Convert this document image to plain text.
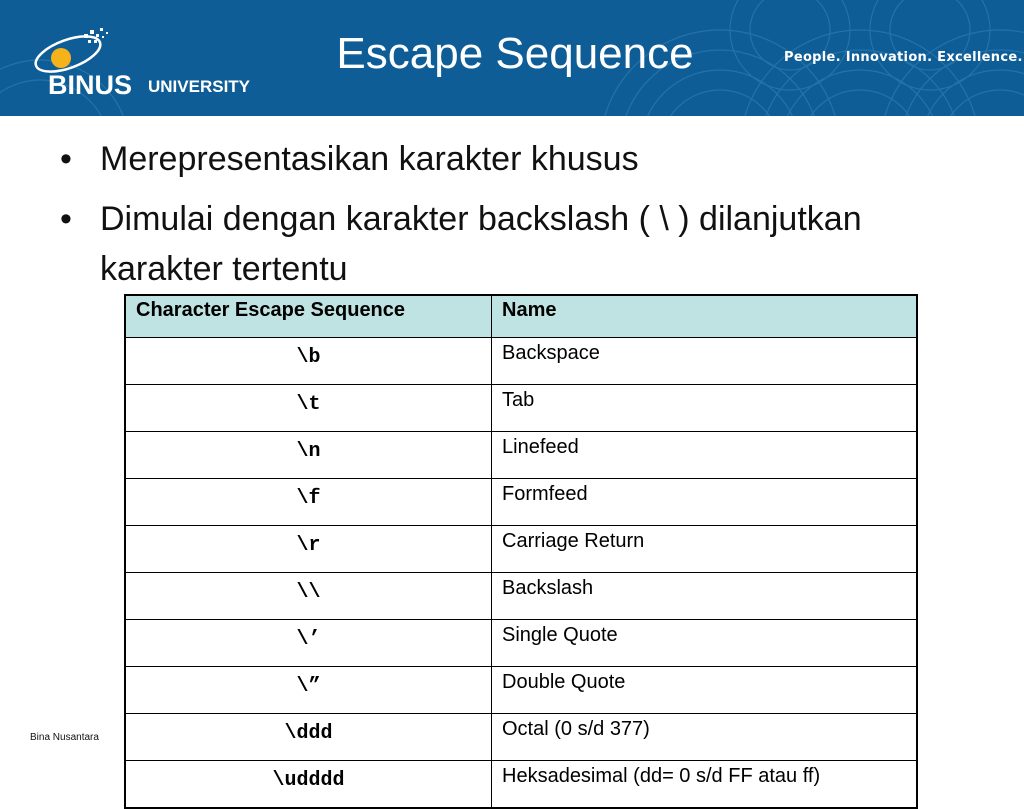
BINUS UNIVERSITY
Escape Sequence	People. Innovation. Excellence.
• Merepresentasikan karakter khusus
• Dimulai dengan karakter backslash ( \ ) dilanjutkan karakter tertentu
Character Escape Sequence	Name
\b	Backspace
\t	Tab
\n	Linefeed
\f	Formfeed
\r	Carriage Return
\\	Backslash
\’	Single Quote
\”	Double Quote
\ddd	Octal (0 s/d 377)
\udddd	Heksadesimal (dd= 0 s/d FF atau ff)
Bina Nusantara
